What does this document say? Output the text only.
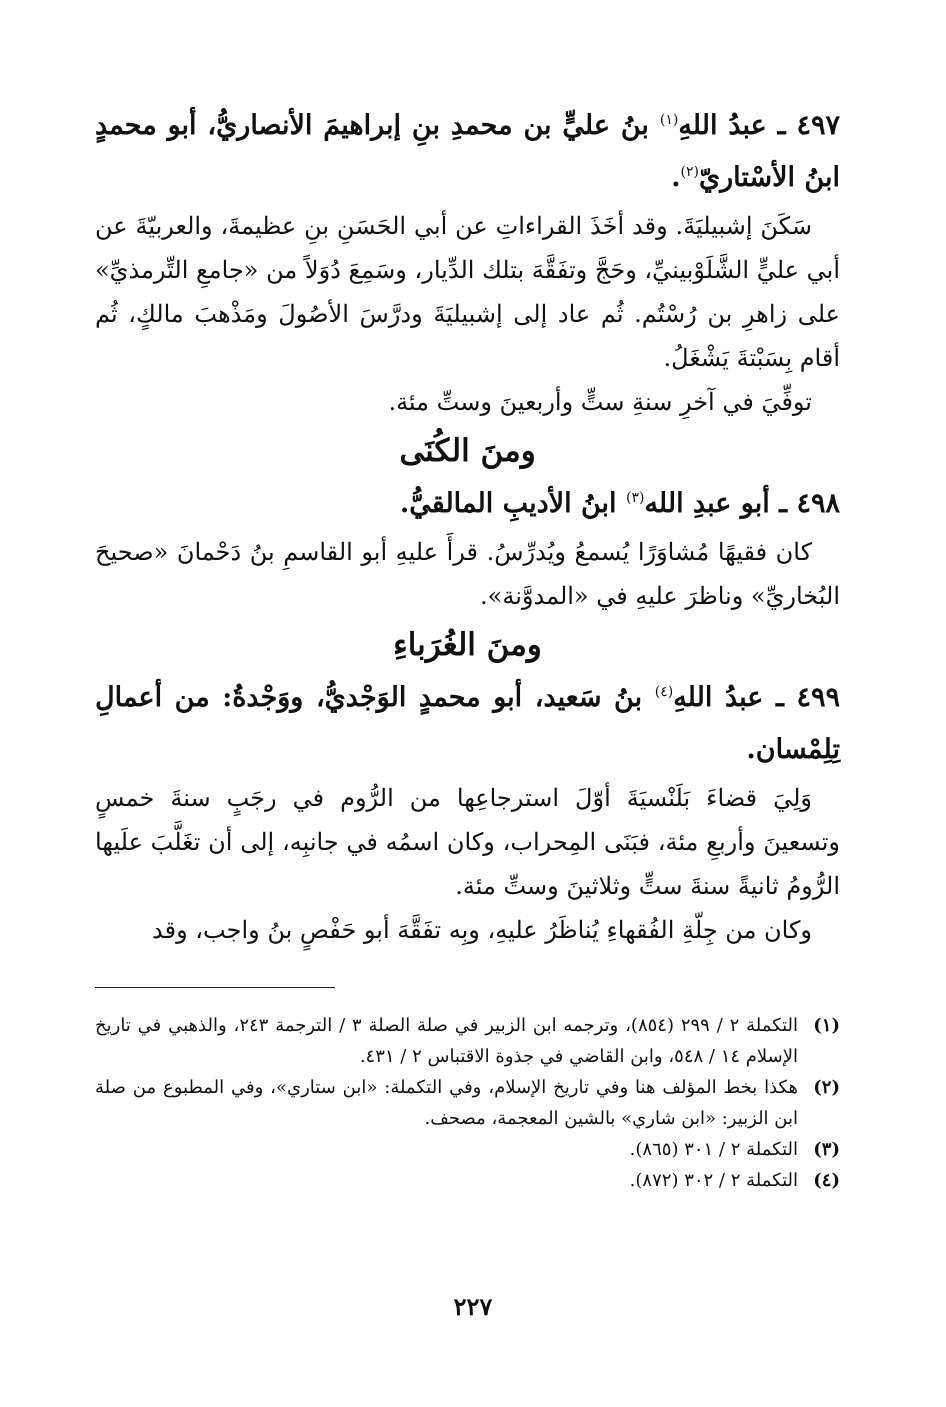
٤٩٧ ـ عبدُ اللهِ$^{(١)}$ بنُ عليٍّ بن محمدِ بنِ إبراهيمَ الأنصاريُّ، أبو محمدٍ ابنُ الأسْتاريّ$^{(٢)}$.

سَكَنَ إشبيليَةَ. وقد أخَذَ القراءاتِ عن أبي الحَسَنِ بنِ عظيمةَ، والعربيّةَ عن أبي عليٍّ الشَّلَوْبينيِّ، وحَجَّ وتفَقَّهَ بتلك الدِّيار، وسَمِعَ دُوَلاً من «جامعِ التِّرمذيِّ» على زاهرِ بن رُسْتُم. ثُم عاد إلى إشبيليَةَ ودرَّسَ الأصُولَ ومَذْهبَ مالكٍ، ثُم أقام بِسَبْتةَ يَشْغَلُ.

توفِّيَ في آخرِ سنةِ ستٍّ وأربعينَ وستِّ مئة.

ومنَ الكُنَى

٤٩٨ ـ أبو عبدِ الله$^{(٣)}$ ابنُ الأديبِ المالقيُّ.

كان فقيهًا مُشاوَرًا يُسمعُ ويُدرِّسُ. قرأَ عليهِ أبو القاسمِ بنُ دَحْمانَ «صحيحَ البُخاريِّ» وناظرَ عليهِ في «المدوَّنة».

ومنَ الغُرَباءِ

٤٩٩ ـ عبدُ اللهِ$^{(٤)}$ بنُ سَعيد، أبو محمدٍ الوَجْديُّ، ووَجْدةُ: من أعمالِ تِلِمْسان.

وَلِيَ قضاءَ بَلَنْسيَةَ أوّلَ استرجاعِها من الرُّوم في رجَبٍ سنةَ خمسٍ وتسعينَ وأربعِ مئة، فبَنَى المِحراب، وكان اسمُه في جانبِه، إلى أن تغَلَّبَ علَيها الرُّومُ ثانيةً سنةَ ستٍّ وثلاثينَ وستِّ مئة.

وكان من جِلّةِ الفُقهاءِ يُناظَرُ عليهِ، وبِه تفَقَّهَ أبو حَفْصٍ بنُ واجب، وقد

(١)
التكملة ٢ / ٢٩٩ (٨٥٤)، وترجمه ابن الزبير في صلة الصلة ٣ / الترجمة ٢٤٣، والذهبي في تاريخ الإسلام ١٤ / ٥٤٨، وابن القاضي في جذوة الاقتباس ٢ / ٤٣١.
(٢)
هكذا بخط المؤلف هنا وفي تاريخ الإسلام، وفي التكملة: «ابن ستاري»، وفي المطبوع من صلة ابن الزبير: «ابن شاري» بالشين المعجمة، مصحف.
(٣)
التكملة ٢ / ٣٠١ (٨٦٥).
(٤)
التكملة ٢ / ٣٠٢ (٨٧٢).
٢٢٧
